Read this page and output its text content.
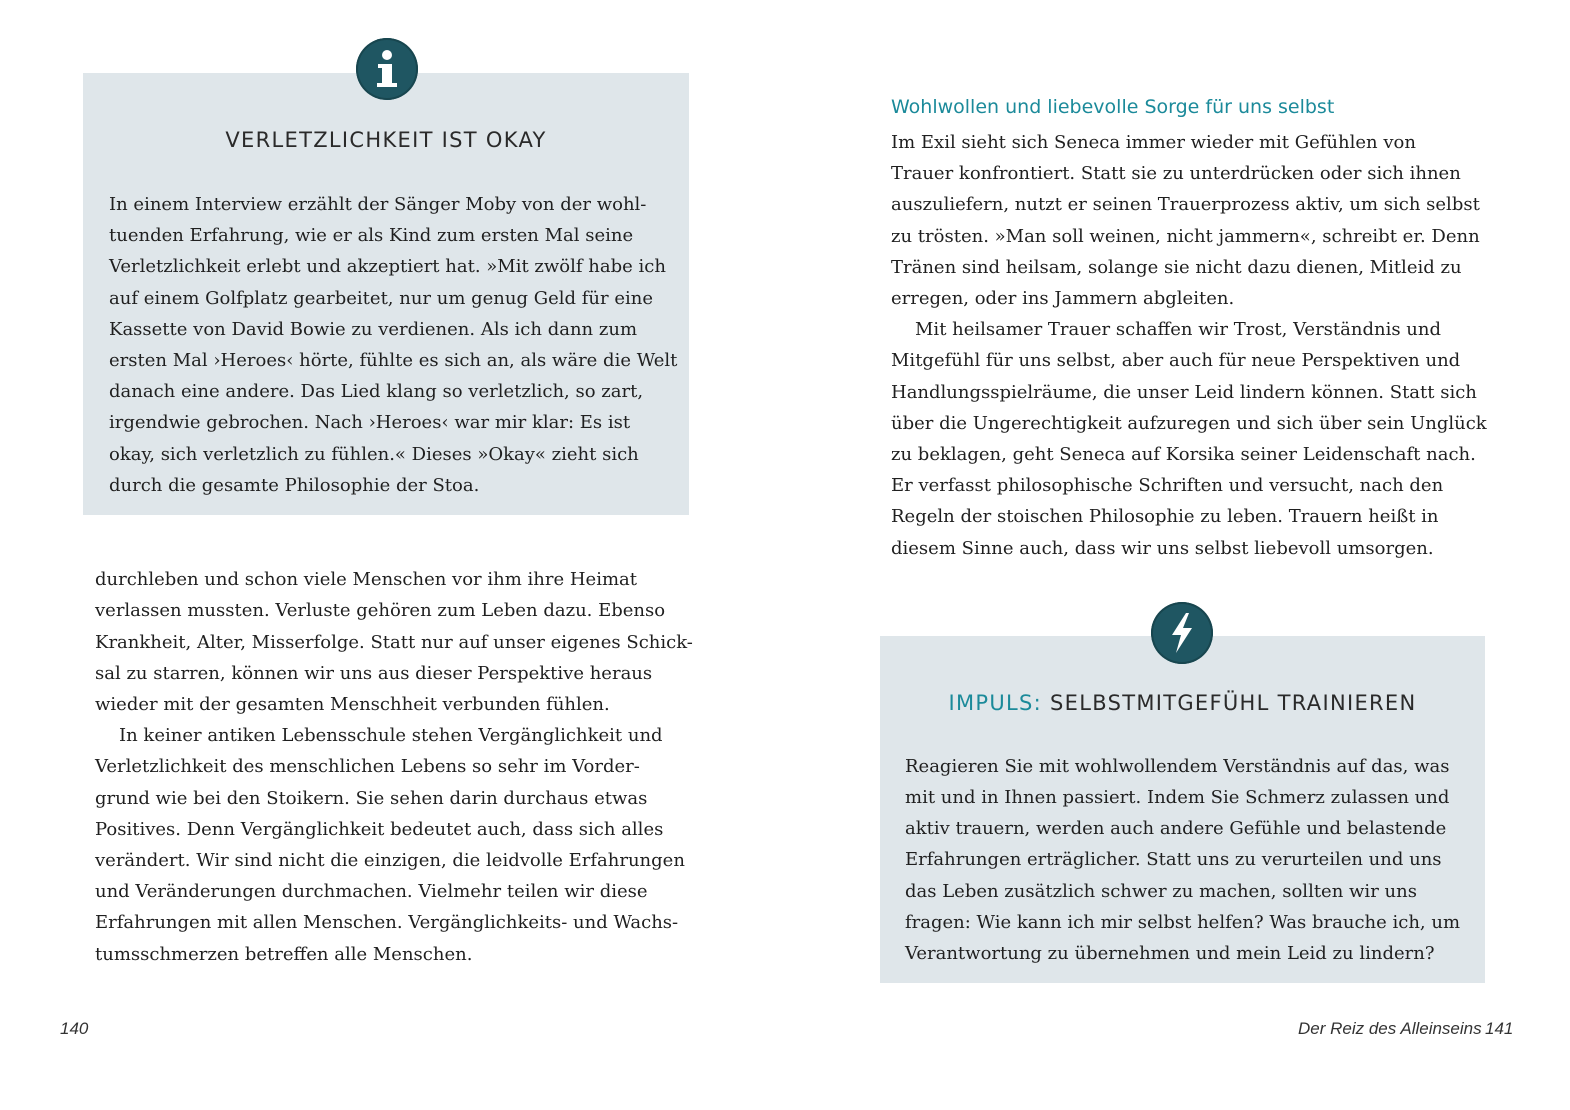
VERLETZLICHKEIT IST OKAY
In einem Interview erzählt der Sänger Moby von der wohl-
tuenden Erfahrung, wie er als Kind zum ersten Mal seine
Verletzlichkeit erlebt und akzeptiert hat. »Mit zwölf habe ich
auf einem Golfplatz gearbeitet, nur um genug Geld für eine
Kassette von David Bowie zu verdienen. Als ich dann zum
ersten Mal ›Heroes‹ hörte, fühlte es sich an, als wäre die Welt
danach eine andere. Das Lied klang so verletzlich, so zart,
irgendwie gebrochen. Nach ›Heroes‹ war mir klar: Es ist
okay, sich verletzlich zu fühlen.« Dieses »Okay« zieht sich
durch die gesamte Philosophie der Stoa.
durchleben und schon viele Menschen vor ihm ihre Heimat
verlassen mussten. Verluste gehören zum Leben dazu. Ebenso
Krankheit, Alter, Misserfolge. Statt nur auf unser eigenes Schick-
sal zu starren, können wir uns aus dieser Perspektive heraus
wieder mit der gesamten Menschheit verbunden fühlen.
In keiner antiken Lebensschule stehen Vergänglichkeit und
Verletzlichkeit des menschlichen Lebens so sehr im Vorder-
grund wie bei den Stoikern. Sie sehen darin durchaus etwas
Positives. Denn Vergänglichkeit bedeutet auch, dass sich alles
verändert. Wir sind nicht die einzigen, die leidvolle Erfahrungen
und Veränderungen durchmachen. Vielmehr teilen wir diese
Erfahrungen mit allen Menschen. Vergänglichkeits- und Wachs-
tumsschmerzen betreffen alle Menschen.
140
Wohlwollen und liebevolle Sorge für uns selbst
Im Exil sieht sich Seneca immer wieder mit Gefühlen von
Trauer konfrontiert. Statt sie zu unterdrücken oder sich ihnen
auszuliefern, nutzt er seinen Trauerprozess aktiv, um sich selbst
zu trösten. »Man soll weinen, nicht jammern«, schreibt er. Denn
Tränen sind heilsam, solange sie nicht dazu dienen, Mitleid zu
erregen, oder ins Jammern abgleiten.
Mit heilsamer Trauer schaffen wir Trost, Verständnis und
Mitgefühl für uns selbst, aber auch für neue Perspektiven und
Handlungsspielräume, die unser Leid lindern können. Statt sich
über die Ungerechtigkeit aufzuregen und sich über sein Unglück
zu beklagen, geht Seneca auf Korsika seiner Leidenschaft nach.
Er verfasst philosophische Schriften und versucht, nach den
Regeln der stoischen Philosophie zu leben. Trauern heißt in
diesem Sinne auch, dass wir uns selbst liebevoll umsorgen.
IMPULS: SELBSTMITGEFÜHL TRAINIEREN
Reagieren Sie mit wohlwollendem Verständnis auf das, was
mit und in Ihnen passiert. Indem Sie Schmerz zulassen und
aktiv trauern, werden auch andere Gefühle und belastende
Erfahrungen erträglicher. Statt uns zu verurteilen und uns
das Leben zusätzlich schwer zu machen, sollten wir uns
fragen: Wie kann ich mir selbst helfen? Was brauche ich, um
Verantwortung zu übernehmen und mein Leid zu lindern?
Der Reiz des Alleinseins 141
